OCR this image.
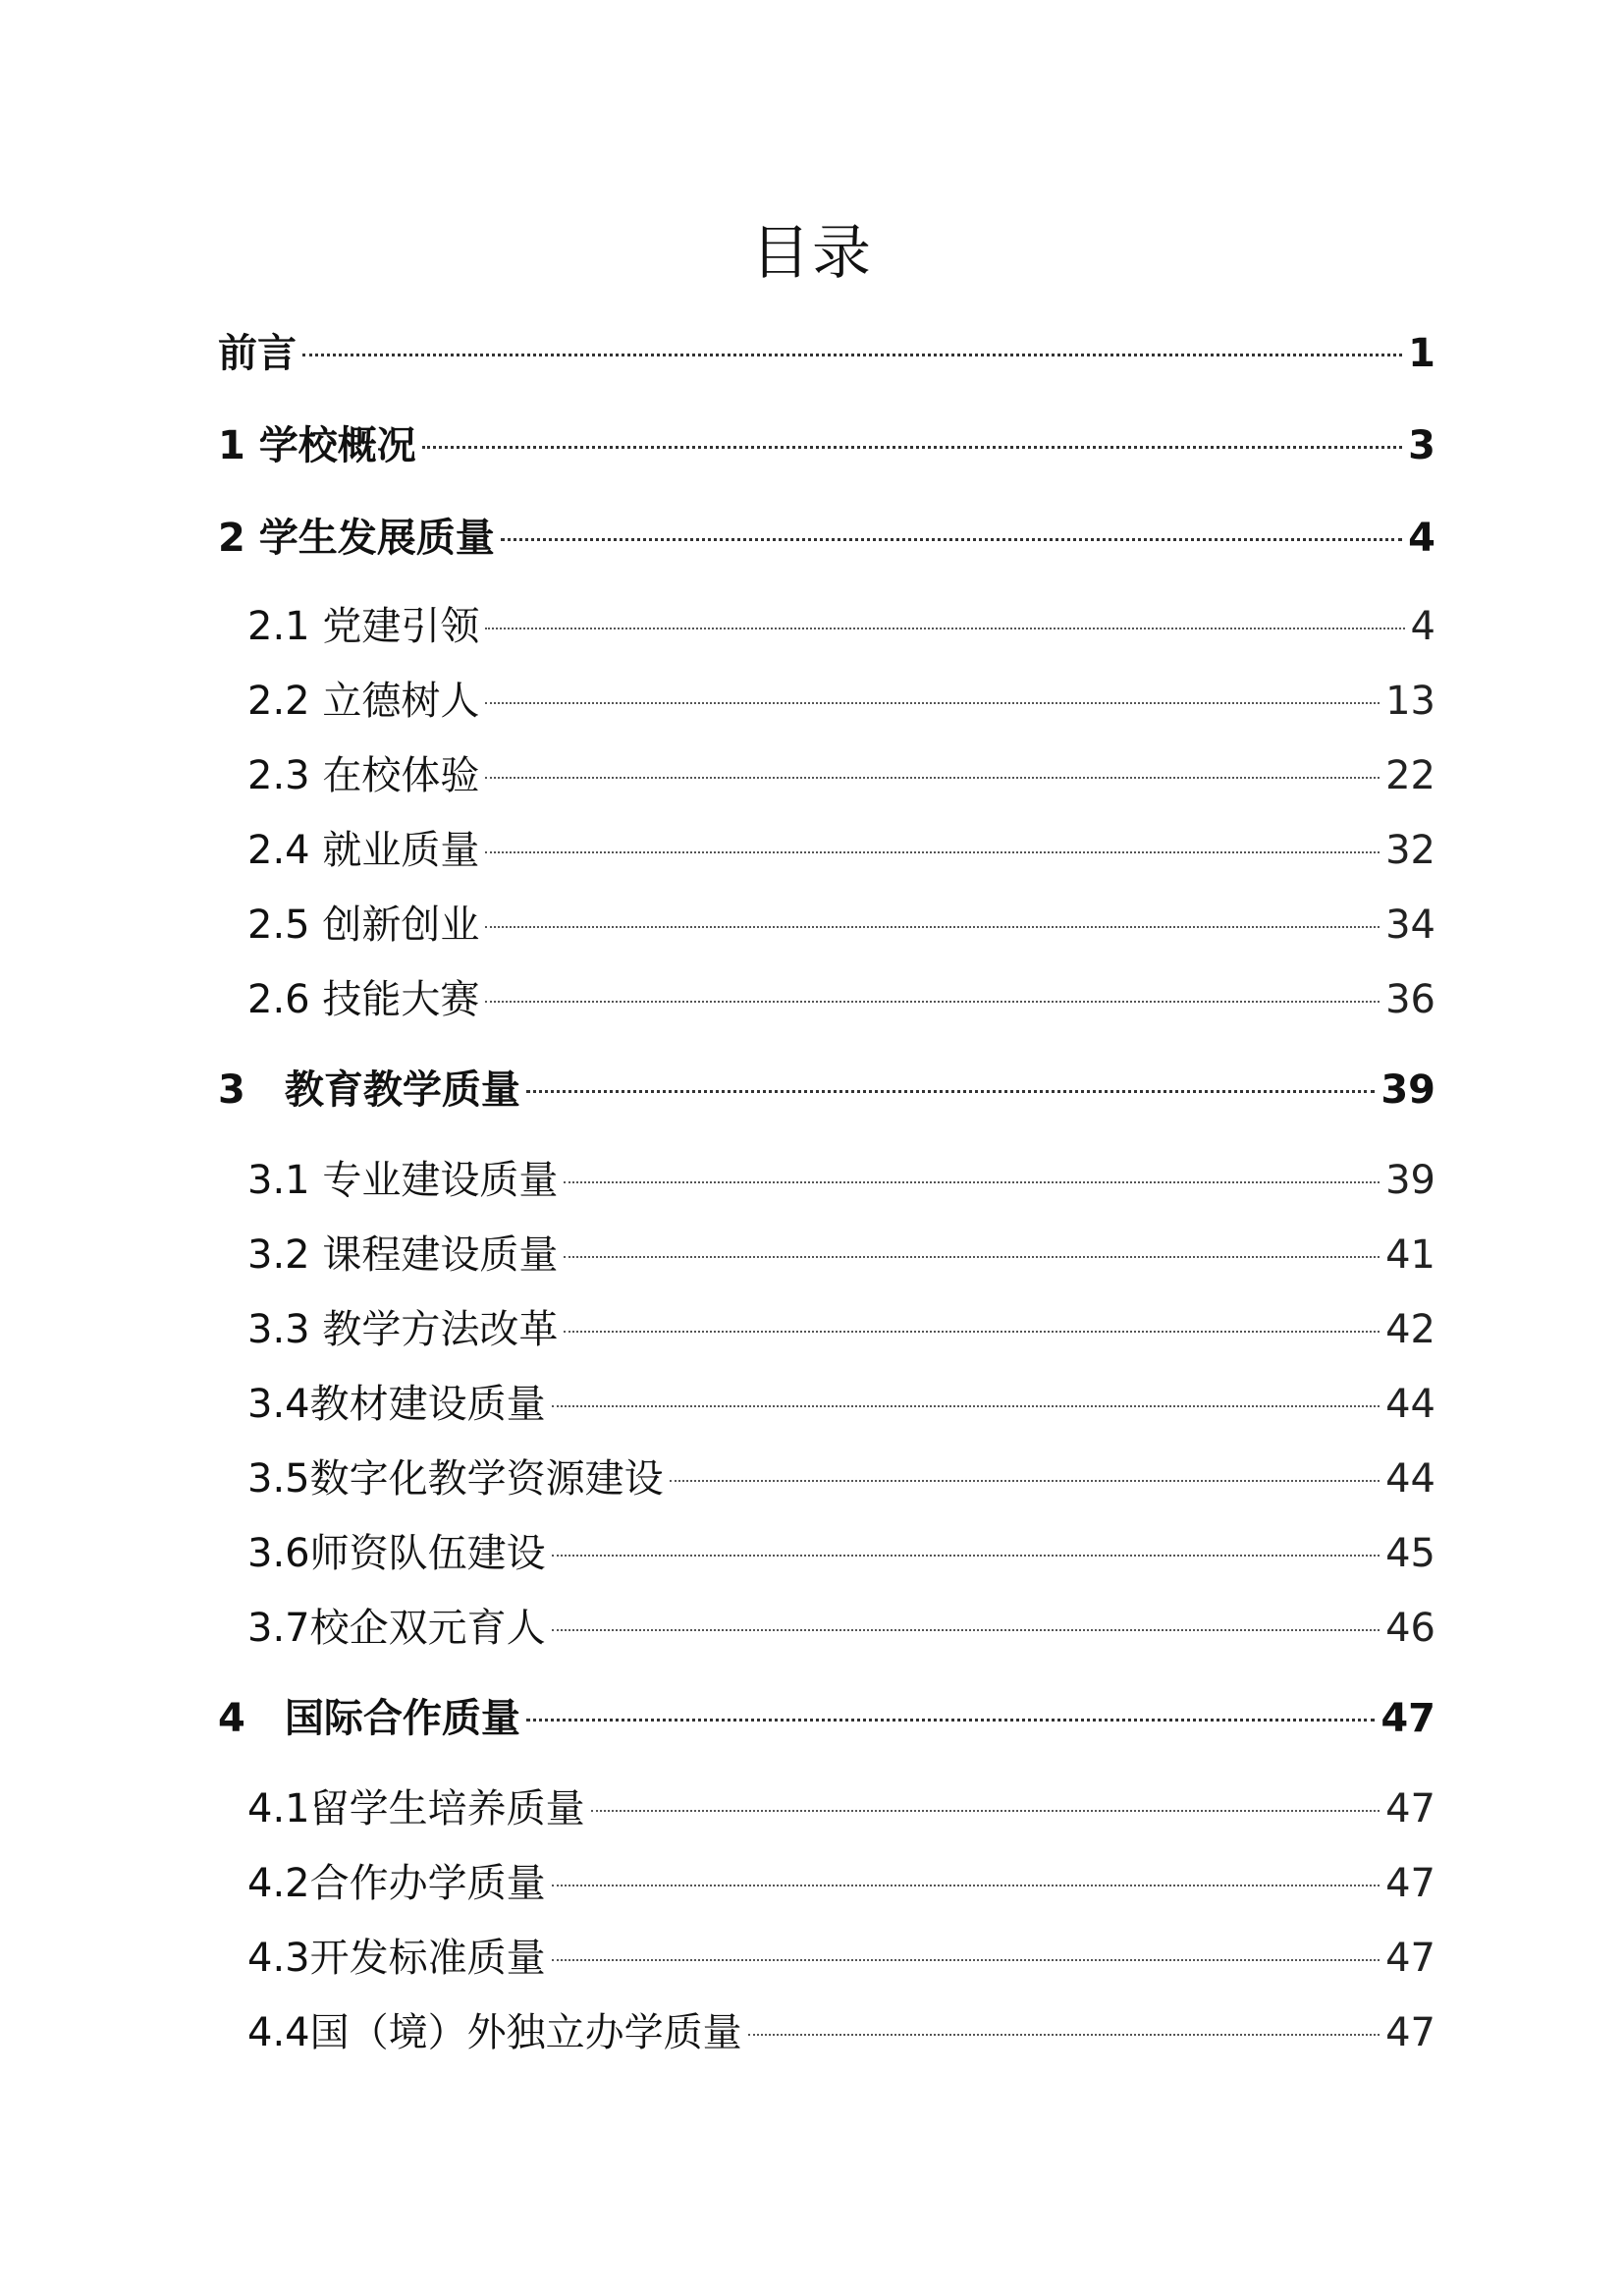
目录
前言	1
1 学校概况	3
2 学生发展质量	4
2.1 党建引领	4
2.2 立德树人	13
2.3 在校体验	22
2.4 就业质量	32
2.5 创新创业	34
2.6 技能大赛	36
3　教育教学质量	39
3.1 专业建设质量	39
3.2 课程建设质量	41
3.3 教学方法改革	42
3.4教材建设质量	44
3.5数字化教学资源建设	44
3.6师资队伍建设	45
3.7校企双元育人	46
4　国际合作质量	47
4.1留学生培养质量	47
4.2合作办学质量	47
4.3开发标准质量	47
4.4国（境）外独立办学质量	47
